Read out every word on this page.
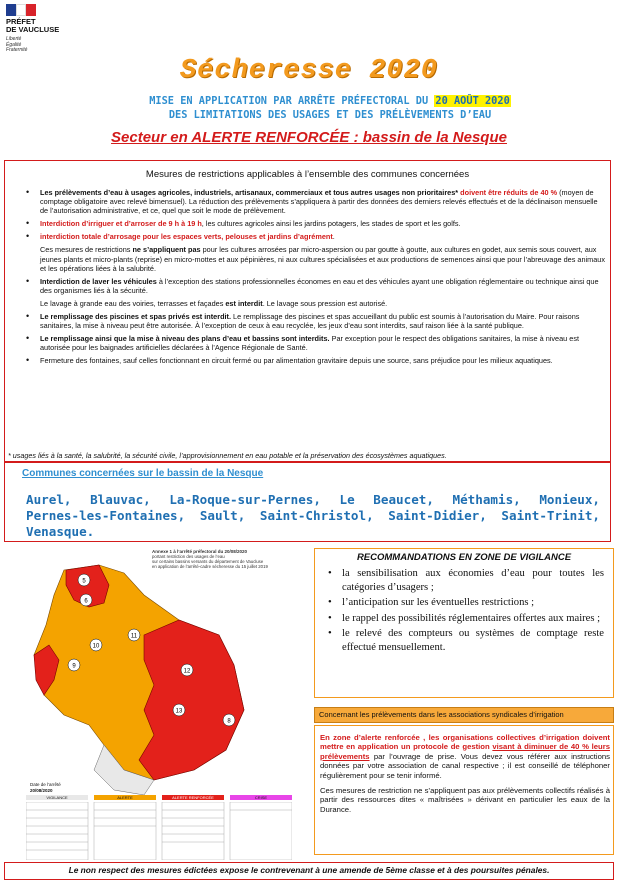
PRÉFET
DE VAUCLUSE
Liberté
Égalité
Fraternité
Sécheresse 2020
MISE EN APPLICATION PAR ARRÊTE PRÉFECTORAL DU 20 AOÛT 2020
DES LIMITATIONS DES USAGES ET DES PRÉLÈVEMENTS D’EAU
Secteur en ALERTE RENFORCÉE : bassin de la Nesque
Mesures de restrictions applicables à l’ensemble des communes concernées
• Les prélèvements d’eau à usages agricoles, industriels, artisanaux, commerciaux et tous autres usages non prioritaires* doivent être réduits de 40 % (moyen de comptage obligatoire avec relevé bimensuel). La réduction des prélèvements s’appliquera à partir des données des derniers relevés effectués et de la déclinaison mensuelle de l’autorisation administrative, et ce, quel que soit le mode de prélèvement.
• Interdiction d’irriguer et d’arroser de 9 h à 19 h, les cultures agricoles ainsi les jardins potagers, les stades de sport et les golfs.
• interdiction totale d’arrosage pour les espaces verts, pelouses et jardins d’agrément.
Ces mesures de restrictions ne s’appliquent pas pour les cultures arrosées par micro-aspersion ou par goutte à goutte, aux cultures en godet, aux semis sous couvert, aux jeunes plants et micro-plants (reprise) en micro-mottes et aux pépinières, ni aux cultures spécialisées et aux productions de semences ainsi que pour l’abreuvage des animaux et les opérations liées à la salubrité.
• Interdiction de laver les véhicules à l’exception des stations professionnelles économes en eau et des véhicules ayant une obligation réglementaire ou technique ainsi que des organismes liés à la sécurité.
Le lavage à grande eau des voiries, terrasses et façades est interdit. Le lavage sous pression est autorisé.
• Le remplissage des piscines et spas privés est interdit. Le remplissage des piscines et spas accueillant du public est soumis à l’autorisation du Maire. Pour raisons sanitaires, la mise à niveau peut être autorisée. À l’exception de ceux à eau recyclée, les jeux d’eau sont interdits, sauf raison liée à la santé publique.
• Le remplissage ainsi que la mise à niveau des plans d’eau et bassins sont interdits. Par exception pour le respect des obligations sanitaires, la mise à niveau est autorisée pour les baignades artificielles déclarées à l’Agence Régionale de Santé.
• Fermeture des fontaines, sauf celles fonctionnant en circuit fermé ou par alimentation gravitaire depuis une source, sans préjudice pour les milieux aquatiques.
* usages liés à la santé, la salubrité, la sécurité civile, l’approvisionnement en eau potable et la préservation des écosystèmes aquatiques.
Communes concernées sur le bassin de la Nesque
Aurel, Blauvac, La-Roque-sur-Pernes, Le Beaucet, Méthamis, Monieux, Pernes-les-Fontaines, Sault, Saint-Christol, Saint-Didier, Saint-Trinit, Venasque.
5
6
10
11
12
13
9
8
Annexe 1 à l’arrêté préfectoral du 20/08/2020
portant restriction des usages de l’eau
sur certains bassins versants du département de Vaucluse
en application de l’arrêté-cadre sécheresse du 15 juillet 2019
Date de l’arrêté
20/08/2020
VIGILANCE	ALERTE	ALERTE RENFORCÉE	CRISE
RECOMMANDATIONS EN ZONE DE VIGILANCE
• la sensibilisation aux économies d’eau pour toutes les catégories d’usagers ;
• l’anticipation sur les éventuelles restrictions ;
• le rappel des possibilités réglementaires offertes aux maires ;
• le relevé des compteurs ou systèmes de comptage reste effectué mensuellement.
Concernant les prélèvements dans les associations syndicales d’irrigation
En zone d’alerte renforcée , les organisations collectives d’irrigation doivent mettre en application un protocole de gestion visant à diminuer de 40 % leurs prélèvements par l’ouvrage de prise. Vous devez vous référer aux instructions données par votre association de canal respective ; il est conseillé de téléphoner régulièrement pour se tenir informé.
Ces mesures de restriction ne s’appliquent pas aux prélèvements collectifs réalisés à partir des ressources dites « maîtrisées » dérivant en particulier les eaux de la Durance.
Le non respect des mesures édictées expose le contrevenant à une amende de 5ème classe et à des poursuites pénales.
